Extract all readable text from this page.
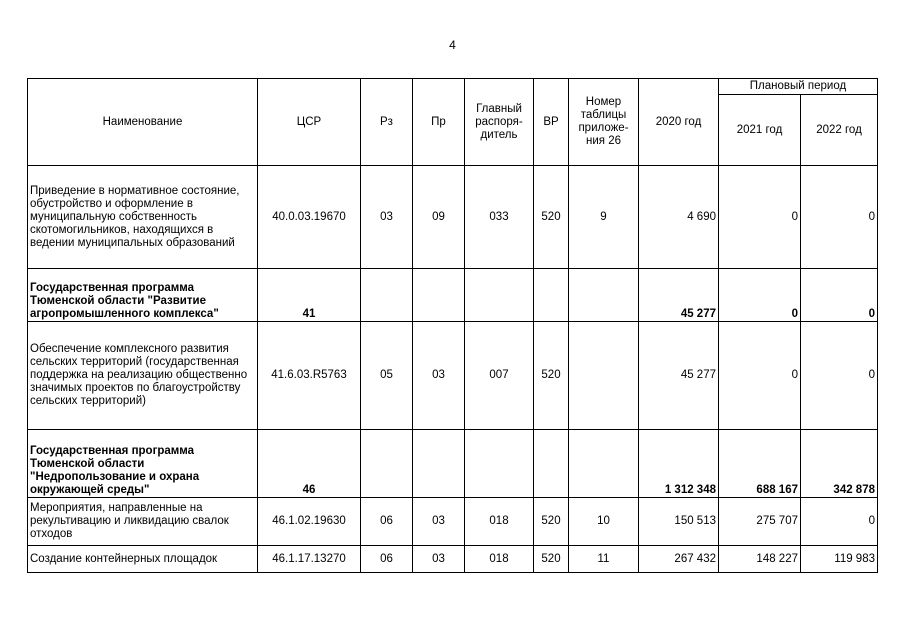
4
Наименование	ЦСР	Рз	Пр	Главный распоря-дитель	ВР	Номер таблицы приложе-ния 26	2020 год	Плановый период	
								2021 год	2022 год
Приведение в нормативное состояние, обустройство и оформление в муниципальную собственность скотомогильников, находящихся в ведении муниципальных образований	40.0.03.19670	03	09	033	520	9	4 690	0	0
Государственная программа Тюменской области "Развитие агропромышленного комплекса"	41						45 277	0	0
Обеспечение комплексного развития сельских территорий (государственная поддержка на реализацию общественно значимых проектов по благоустройству сельских территорий)	41.6.03.R5763	05	03	007	520		45 277	0	0
Государственная программа Тюменской области "Недропользование и охрана окружающей среды"	46						1 312 348	688 167	342 878
Мероприятия, направленные на рекультивацию и ликвидацию свалок отходов	46.1.02.19630	06	03	018	520	10	150 513	275 707	0
Создание контейнерных площадок	46.1.17.13270	06	03	018	520	11	267 432	148 227	119 983
